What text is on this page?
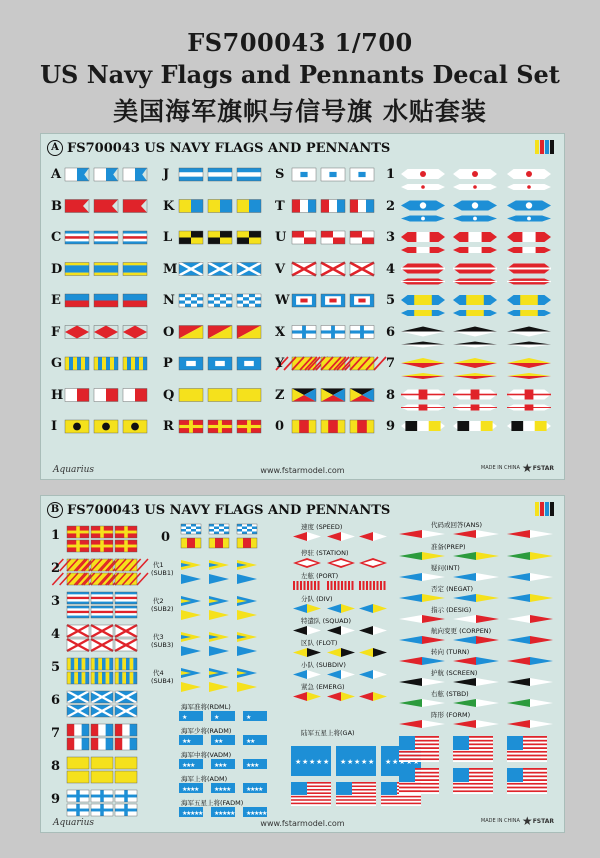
FS700043 1/700
US Navy Flags and Pennants Decal Set
美国海军旗帜与信号旗 水贴套装
A FS700043 US NAVY FLAGS AND PENNANTS
A
B
C
D
E
F
G
H
I
J
K
L
M
N
O
P
Q
R
S
T
U
V
W
X
Y
Z
0
1
2
3
4
5
6
7
8
9
Aquarius	www.fstarmodel.com	MADE IN CHINA ★ FSTAR
B FS700043 US NAVY FLAGS AND PENNANTS
★	★	★
★
★	★
★	★
★
★
★
★	★
★
★	★
★
★
★
★
★
★ ★
★
★
★ ★
★
★
★
★
★
★
★
★ ★
★
★
★
★ ★
★
★
★
★
★ ★ ★ ★ ★ ★ ★ ★ ★ ★ ★ ★
1
2
3
4
5
6
7
8
9
0
代1
(SUB1)
代2
(SUB2)
代3
(SUB3)
代4
(SUB4)
海军准将(RDML)
海军少将(RADM)
海军中将(VADM)
海军上将(ADM)
海军五星上将(FADM)
速度 (SPEED)
停驻 (STATION)
左舷 (PORT)
分队 (DIV)
特遣队 (SQUAD)
区队 (FLOT)
小队 (SUBDIV)
紧急 (EMERG)
陆军五星上将(GA)
代码或回答(ANS)
准备(PREP)
疑问(INT)
否定 (NEGAT)
指示 (DESIG)
航向变更 (CORPEN)
转向 (TURN)
护航 (SCREEN)
右舷 (STBD)
阵形 (FORM)
Aquarius	www.fstarmodel.com	MADE IN CHINA ★ FSTAR
